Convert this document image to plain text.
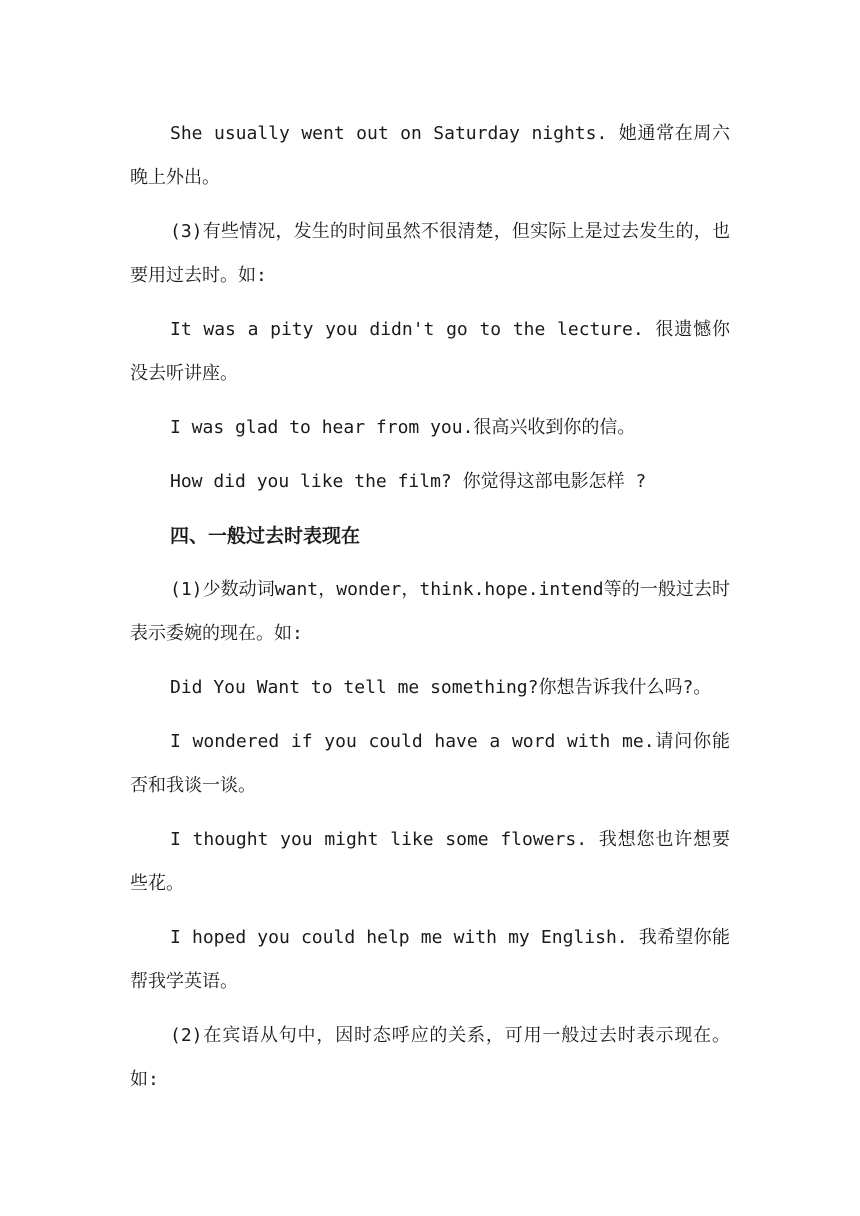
She usually went out on Saturday nights. 她通常在周六晚上外出。

(3)有些情况，发生的时间虽然不很清楚，但实际上是过去发生的，也要用过去时。如:

It was a pity you didn't go to the lecture. 很遗憾你没去听讲座。

I was glad to hear from you.很高兴收到你的信。

How did you like the film? 你觉得这部电影怎样 ?

四、一般过去时表现在

(1)少数动词want，wonder，think.hope.intend等的一般过去时表示委婉的现在。如:

Did You Want to tell me something?你想告诉我什么吗?。

I wondered if you could have a word with me.请问你能否和我谈一谈。

I thought you might like some flowers. 我想您也许想要些花。

I hoped you could help me with my English. 我希望你能帮我学英语。

(2)在宾语从句中，因时态呼应的关系，可用一般过去时表示现在。如:
